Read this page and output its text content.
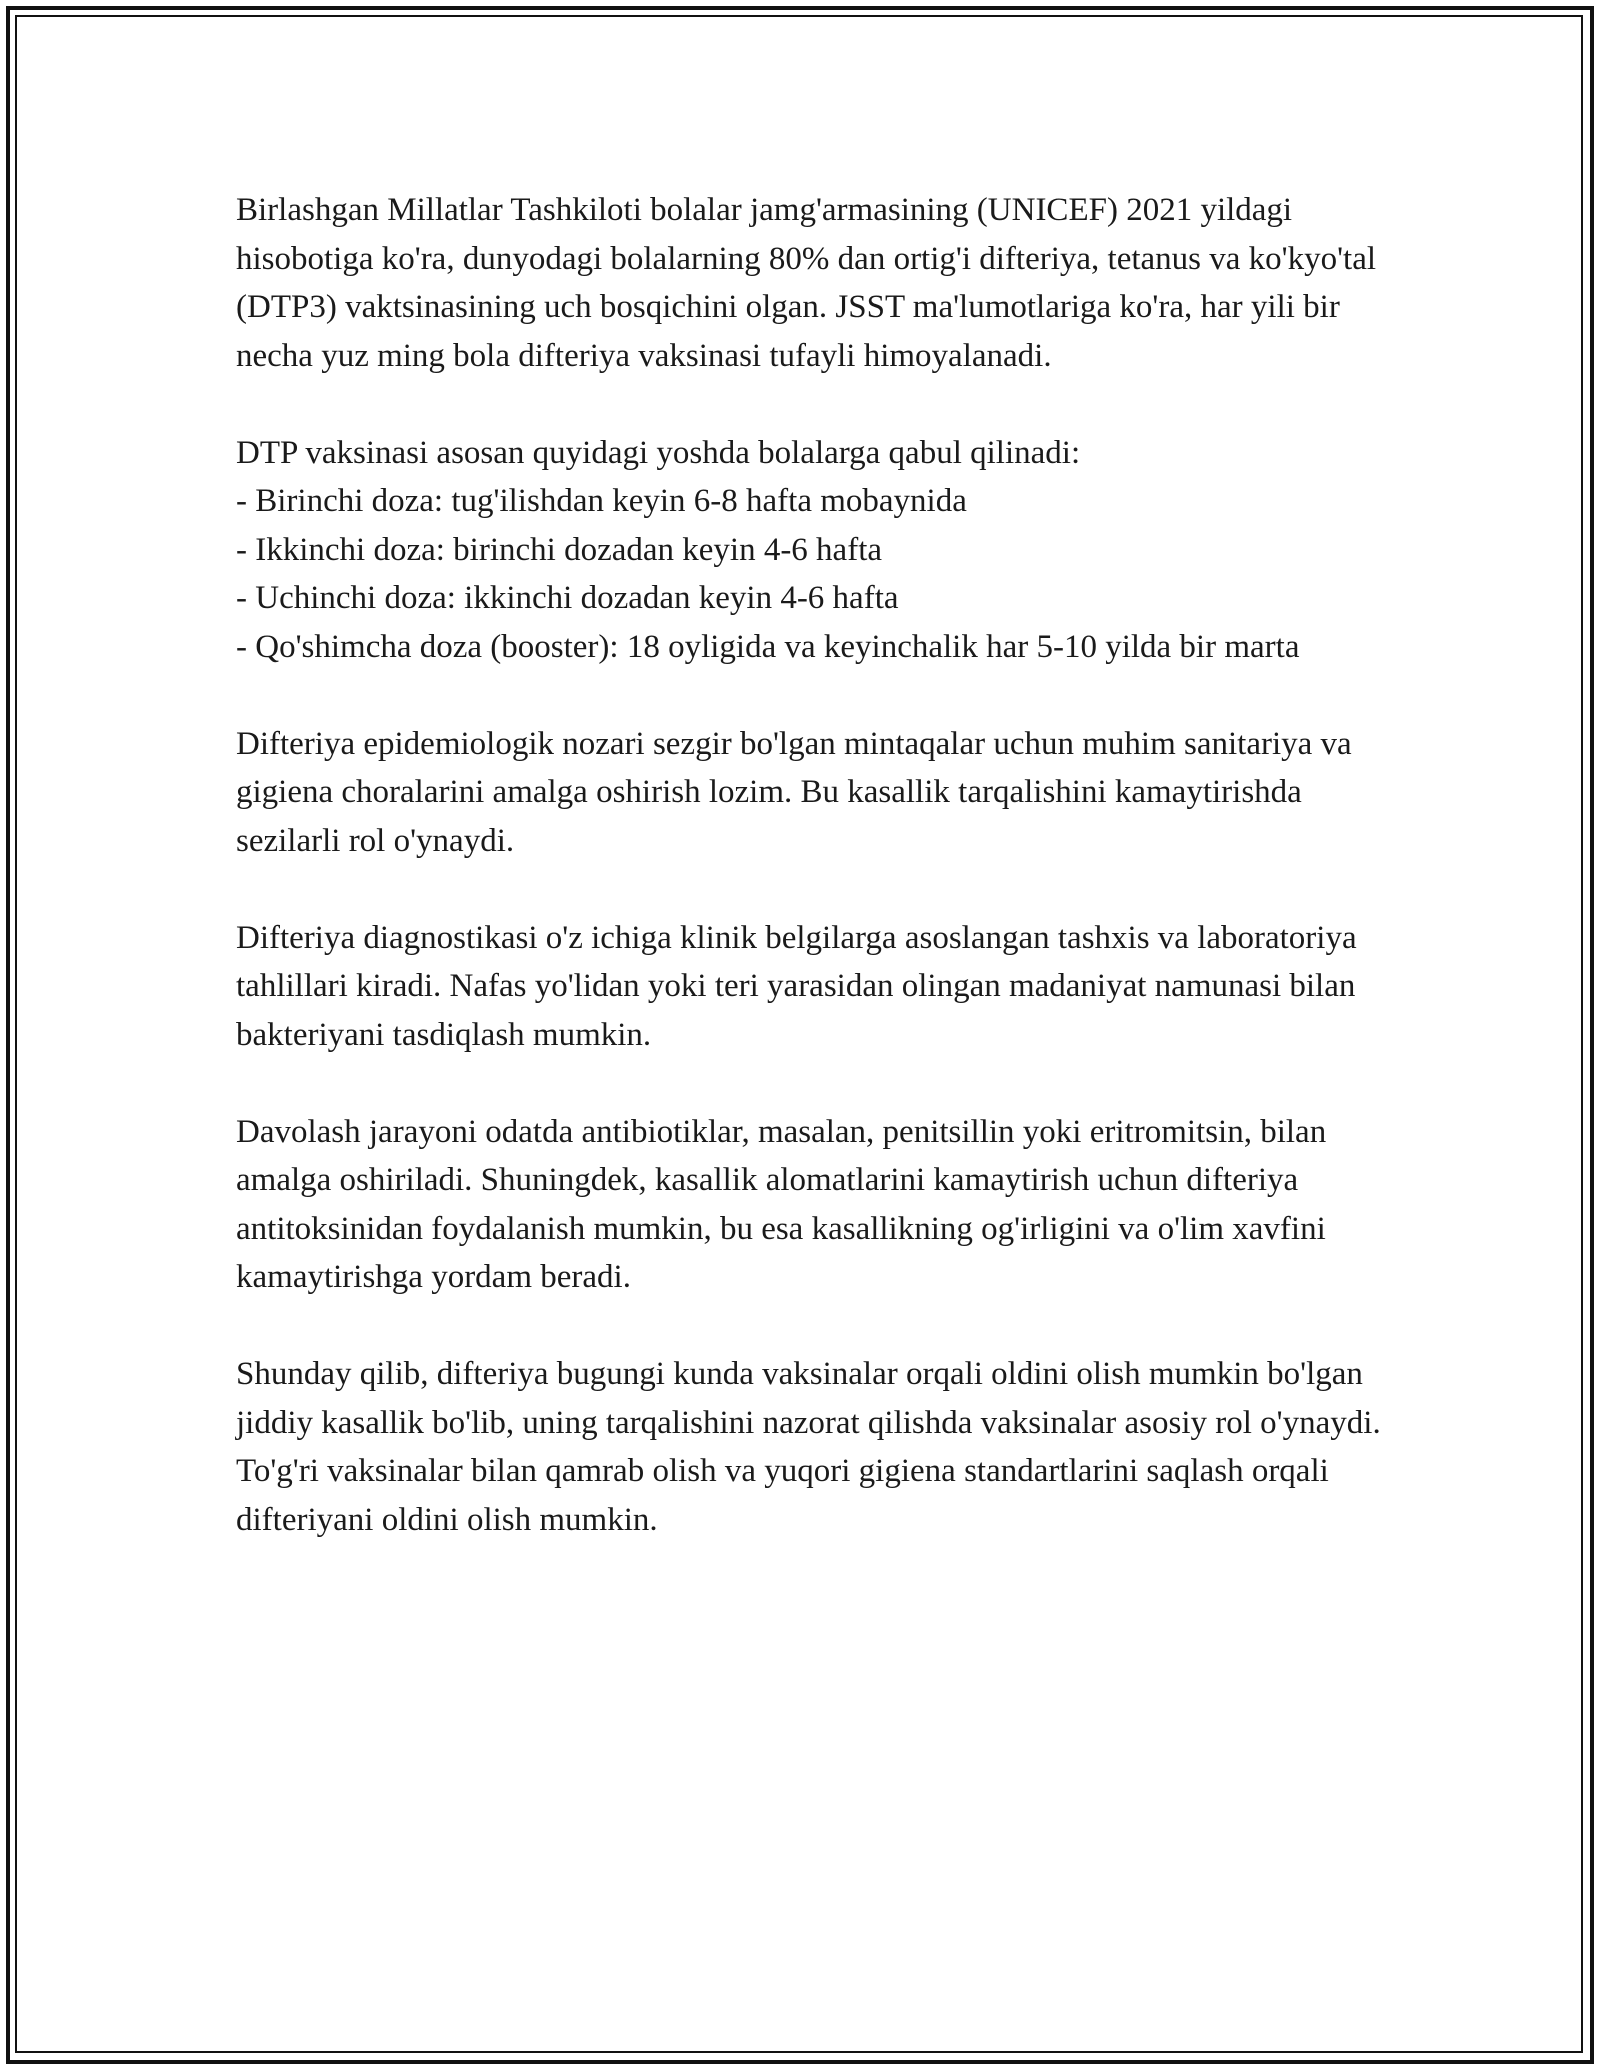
Birlashgan Millatlar Tashkiloti bolalar jamg'armasining (UNICEF) 2021 yildagi hisobotiga ko'ra, dunyodagi bolalarning 80% dan ortig'i difteriya, tetanus va ko'kyo'tal (DTP3) vaktsinasining uch bosqichini olgan. JSST ma'lumotlariga ko'ra, har yili bir necha yuz ming bola difteriya vaksinasi tufayli himoyalanadi.

DTP vaksinasi asosan quyidagi yoshda bolalarga qabul qilinadi:
- Birinchi doza: tug'ilishdan keyin 6-8 hafta mobaynida
- Ikkinchi doza: birinchi dozadan keyin 4-6 hafta
- Uchinchi doza: ikkinchi dozadan keyin 4-6 hafta
- Qo'shimcha doza (booster): 18 oyligida va keyinchalik har 5-10 yilda bir marta

Difteriya epidemiologik nozari sezgir bo'lgan mintaqalar uchun muhim sanitariya va gigiena choralarini amalga oshirish lozim. Bu kasallik tarqalishini kamaytirishda sezilarli rol o'ynaydi.

Difteriya diagnostikasi o'z ichiga klinik belgilarga asoslangan tashxis va laboratoriya tahlillari kiradi. Nafas yo'lidan yoki teri yarasidan olingan madaniyat namunasi bilan bakteriyani tasdiqlash mumkin.

Davolash jarayoni odatda antibiotiklar, masalan, penitsillin yoki eritromitsin, bilan amalga oshiriladi. Shuningdek, kasallik alomatlarini kamaytirish uchun difteriya antitoksinidan foydalanish mumkin, bu esa kasallikning og'irligini va o'lim xavfini kamaytirishga yordam beradi.

Shunday qilib, difteriya bugungi kunda vaksinalar orqali oldini olish mumkin bo'lgan jiddiy kasallik bo'lib, uning tarqalishini nazorat qilishda vaksinalar asosiy rol o'ynaydi. To'g'ri vaksinalar bilan qamrab olish va yuqori gigiena standartlarini saqlash orqali difteriyani oldini olish mumkin.
